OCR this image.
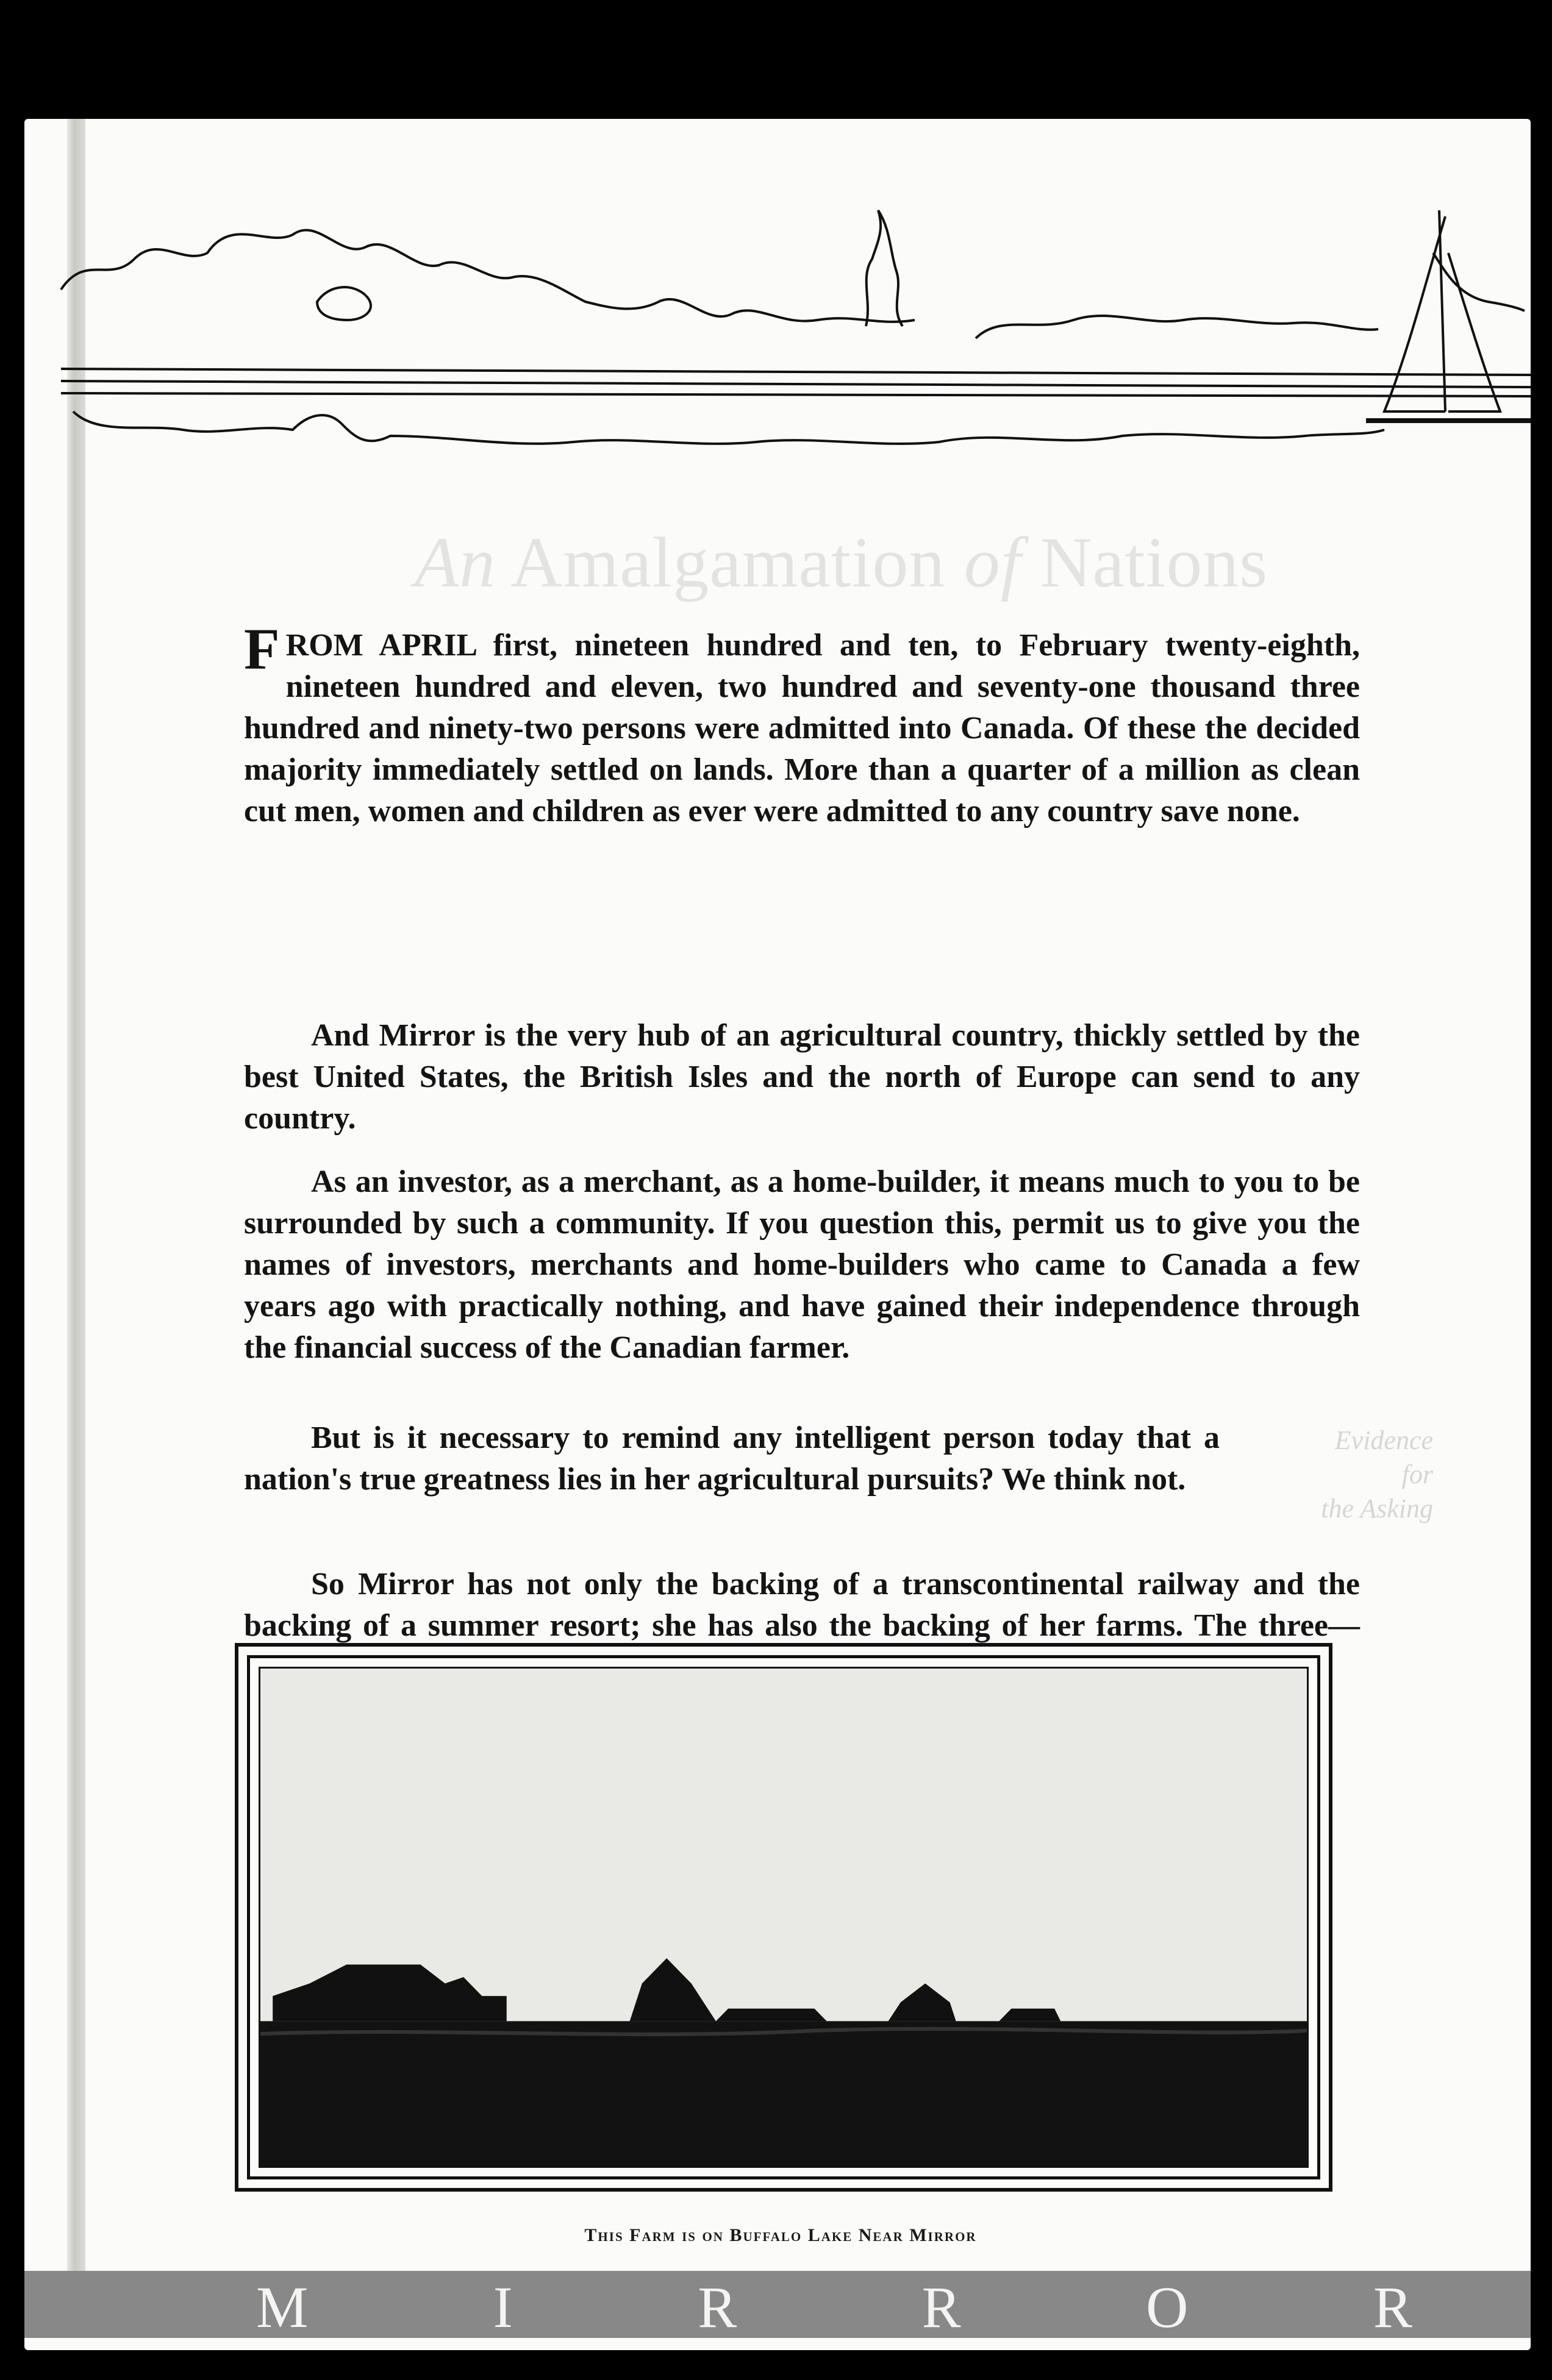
An Amalgamation of Nations

FROM APRIL first, nineteen hundred and ten, to February twenty-eighth, nineteen hundred and eleven, two hundred and seventy-one thousand three hundred and ninety-two persons were admitted into Canada. Of these the decided majority immediately settled on lands. More than a quarter of a million as clean cut men, women and children as ever were admitted to any country save none.

And Mirror is the very hub of an agricultural country, thickly settled by the best United States, the British Isles and the north of Europe can send to any country.

As an investor, as a merchant, as a home-builder, it means much to you to be surrounded by such a community. If you question this, permit us to give you the names of investors, merchants and home-builders who came to Canada a few years ago with practically nothing, and have gained their independence through the financial success of the Canadian farmer.

But is it necessary to remind any intelligent person today that a nation's true greatness lies in her agricultural pursuits? We think not.

Evidence
for
the Asking

So Mirror has not only the backing of a transcontinental railway and the backing of a summer resort; she has also the backing of her farms. The three—

This Farm is on Buffalo Lake Near Mirror
M	I	R	R	O	R
